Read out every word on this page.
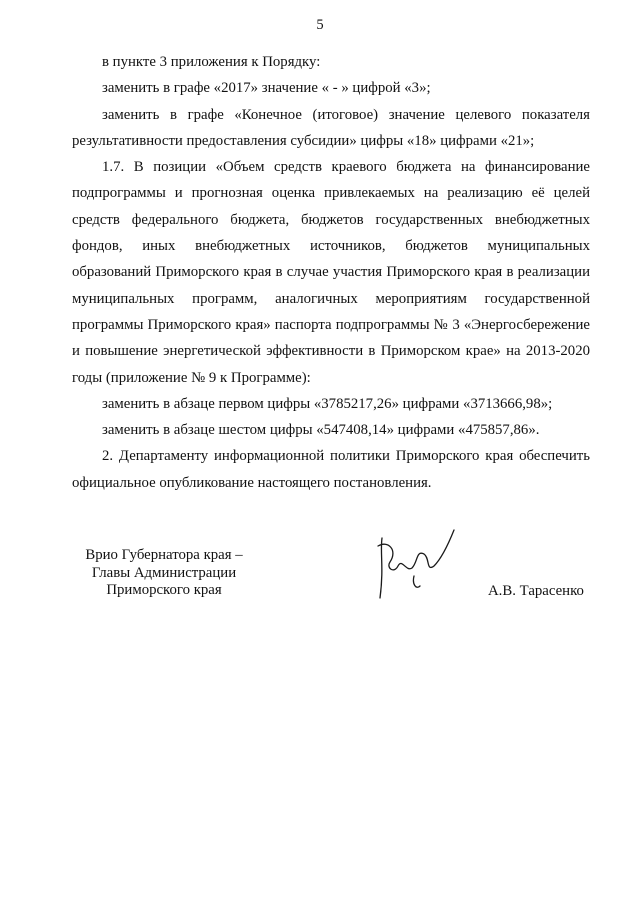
5

в пункте 3 приложения к Порядку:

заменить в графе «2017» значение « - » цифрой «3»;

заменить в графе «Конечное (итоговое) значение целевого показателя результативности предоставления субсидии» цифры «18» цифрами «21»;

1.7. В позиции «Объем средств краевого бюджета на финансирование подпрограммы и прогнозная оценка привлекаемых на реализацию её целей средств федерального бюджета, бюджетов государственных внебюджетных фондов, иных внебюджетных источников, бюджетов муниципальных образований Приморского края в случае участия Приморского края в реализации муниципальных программ, аналогичных мероприятиям государственной программы Приморского края» паспорта подпрограммы № 3 «Энергосбережение и повышение энергетической эффективности в Приморском крае» на 2013-2020 годы (приложение № 9 к Программе):

заменить в абзаце первом цифры «3785217,26» цифрами «3713666,98»;

заменить в абзаце шестом цифры «547408,14» цифрами «475857,86».

2. Департаменту информационной политики Приморского края обеспечить официальное опубликование настоящего постановления.

Врио Губернатора края –
Главы Администрации
Приморского края	А.В. Тарасенко
